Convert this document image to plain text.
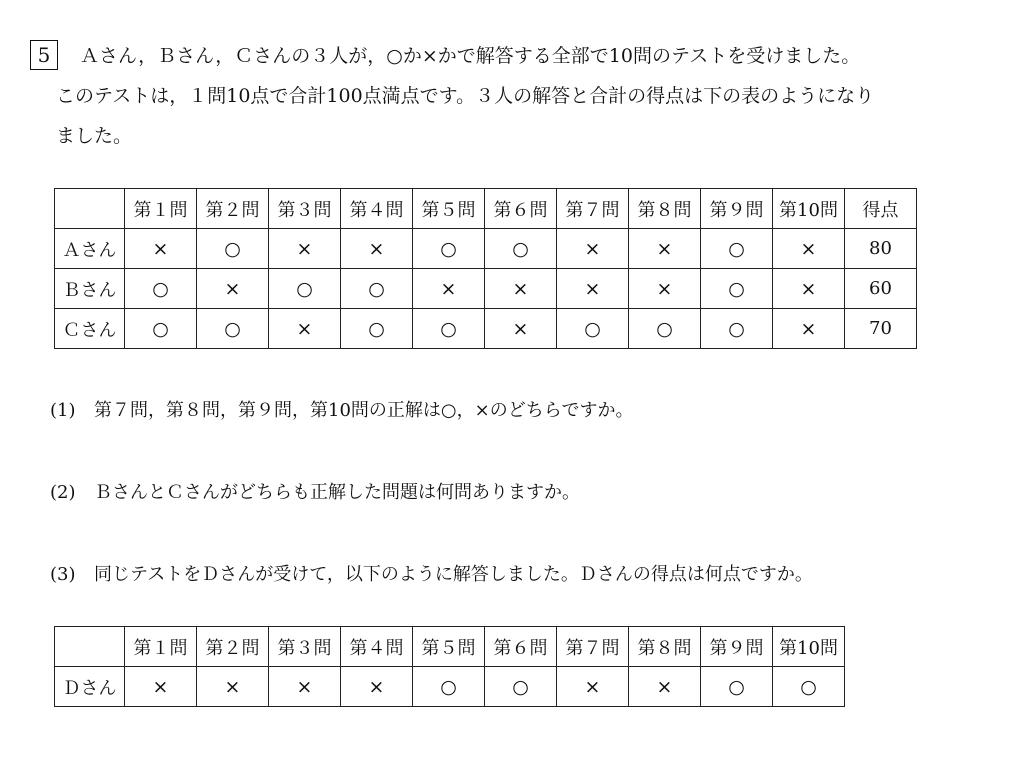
5 Ａさん，Ｂさん，Ｃさんの３人が，○か×かで解答する全部で10問のテストを受けました。
このテストは，１問10点で合計100点満点です。３人の解答と合計の得点は下の表のようになり
ました。
	第１問	第２問	第３問	第４問	第５問	第６問	第７問	第８問	第９問	第10問	得点
Ａさん	×	○	×	×	○	○	×	×	○	×	80
Ｂさん	○	×	○	○	×	×	×	×	○	×	60
Ｃさん	○	○	×	○	○	×	○	○	○	×	70
(1) 第７問，第８問，第９問，第10問の正解は○，×のどちらですか。
(2) ＢさんとＣさんがどちらも正解した問題は何問ありますか。
(3) 同じテストをＤさんが受けて，以下のように解答しました。Ｄさんの得点は何点ですか。
	第１問	第２問	第３問	第４問	第５問	第６問	第７問	第８問	第９問	第10問
Ｄさん	×	×	×	×	○	○	×	×	○	○
